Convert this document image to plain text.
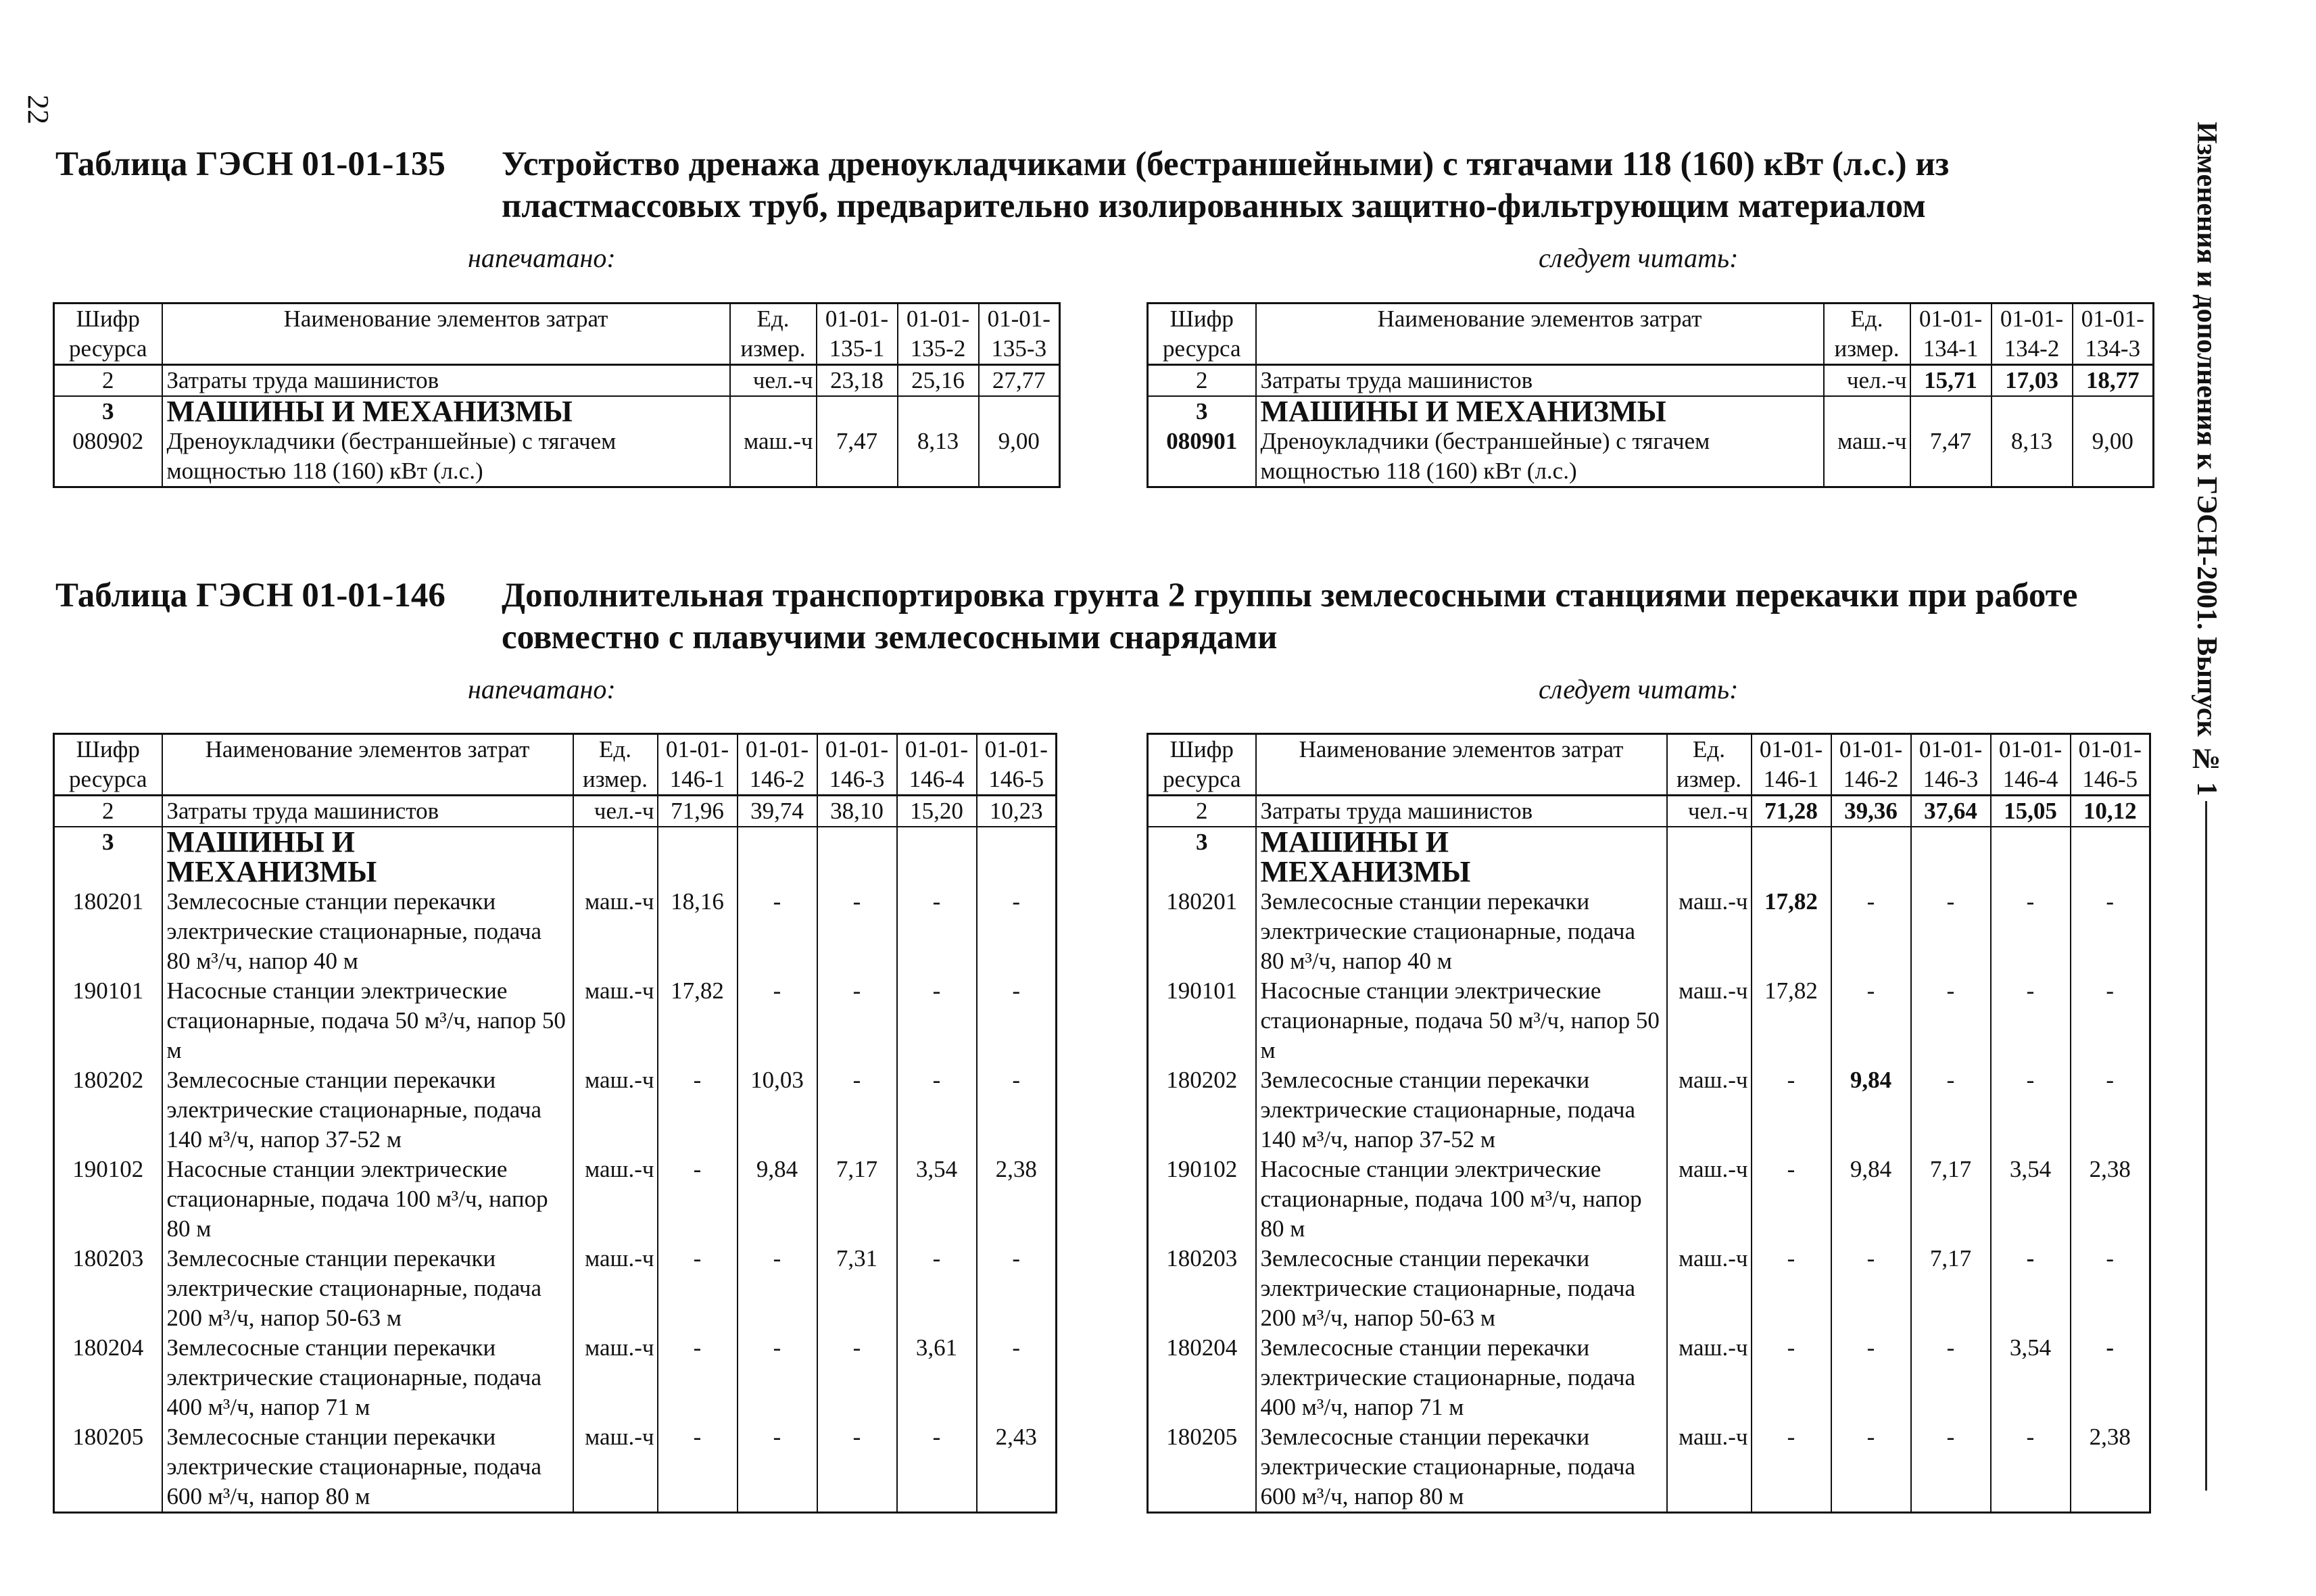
22
Изменения и дополнения к ГЭСН-2001. Выпуск № 1
Таблица ГЭСН 01-01-135 Устройство дренажа дреноукладчиками (бестраншейными) с тягачами 118 (160) кВт (л.с.) из пластмассовых труб, предварительно изолированных защитно-фильтрующим материалом
напечатано:	следует читать:
Шифр ресурса	Наименование элементов затрат	Ед. измер.	01-01-135-1	01-01-135-2	01-01-135-3
2	Затраты труда машинистов	чел.-ч	23,18	25,16	27,77
3	МАШИНЫ И МЕХАНИЗМЫ				
080902	Дреноукладчики (бестраншейные) с тягачем мощностью 118 (160) кВт (л.с.)	маш.-ч	7,47	8,13	9,00
Шифр ресурса	Наименование элементов затрат	Ед. измер.	01-01-134-1	01-01-134-2	01-01-134-3
2	Затраты труда машинистов	чел.-ч	15,71	17,03	18,77
3	МАШИНЫ И МЕХАНИЗМЫ				
080901	Дреноукладчики (бестраншейные) с тягачем мощностью 118 (160) кВт (л.с.)	маш.-ч	7,47	8,13	9,00
Таблица ГЭСН 01-01-146 Дополнительная транспортировка грунта 2 группы землесосными станциями перекачки при работе совместно с плавучими землесосными снарядами
напечатано:	следует читать:
Шифр ресурса	Наименование элементов затрат	Ед. измер.	01-01-146-1	01-01-146-2	01-01-146-3	01-01-146-4	01-01-146-5
2	Затраты труда машинистов	чел.-ч	71,96	39,74	38,10	15,20	10,23
3	МАШИНЫ И МЕХАНИЗМЫ						
180201	Землесосные станции перекачки электрические стационарные, подача 80 м³/ч, напор 40 м	маш.-ч	18,16	-	-	-	-
190101	Насосные станции электрические стационарные, подача 50 м³/ч, напор 50 м	маш.-ч	17,82	-	-	-	-
180202	Землесосные станции перекачки электрические стационарные, подача 140 м³/ч, напор 37-52 м	маш.-ч	-	10,03	-	-	-
190102	Насосные станции электрические стационарные, подача 100 м³/ч, напор 80 м	маш.-ч	-	9,84	7,17	3,54	2,38
180203	Землесосные станции перекачки электрические стационарные, подача 200 м³/ч, напор 50-63 м	маш.-ч	-	-	7,31	-	-
180204	Землесосные станции перекачки электрические стационарные, подача 400 м³/ч, напор 71 м	маш.-ч	-	-	-	3,61	-
180205	Землесосные станции перекачки электрические стационарные, подача 600 м³/ч, напор 80 м	маш.-ч	-	-	-	-	2,43
Шифр ресурса	Наименование элементов затрат	Ед. измер.	01-01-146-1	01-01-146-2	01-01-146-3	01-01-146-4	01-01-146-5
2	Затраты труда машинистов	чел.-ч	71,28	39,36	37,64	15,05	10,12
3	МАШИНЫ И МЕХАНИЗМЫ						
180201	Землесосные станции перекачки электрические стационарные, подача 80 м³/ч, напор 40 м	маш.-ч	17,82	-	-	-	-
190101	Насосные станции электрические стационарные, подача 50 м³/ч, напор 50 м	маш.-ч	17,82	-	-	-	-
180202	Землесосные станции перекачки электрические стационарные, подача 140 м³/ч, напор 37-52 м	маш.-ч	-	9,84	-	-	-
190102	Насосные станции электрические стационарные, подача 100 м³/ч, напор 80 м	маш.-ч	-	9,84	7,17	3,54	2,38
180203	Землесосные станции перекачки электрические стационарные, подача 200 м³/ч, напор 50-63 м	маш.-ч	-	-	7,17	-	-
180204	Землесосные станции перекачки электрические стационарные, подача 400 м³/ч, напор 71 м	маш.-ч	-	-	-	3,54	-
180205	Землесосные станции перекачки электрические стационарные, подача 600 м³/ч, напор 80 м	маш.-ч	-	-	-	-	2,38
